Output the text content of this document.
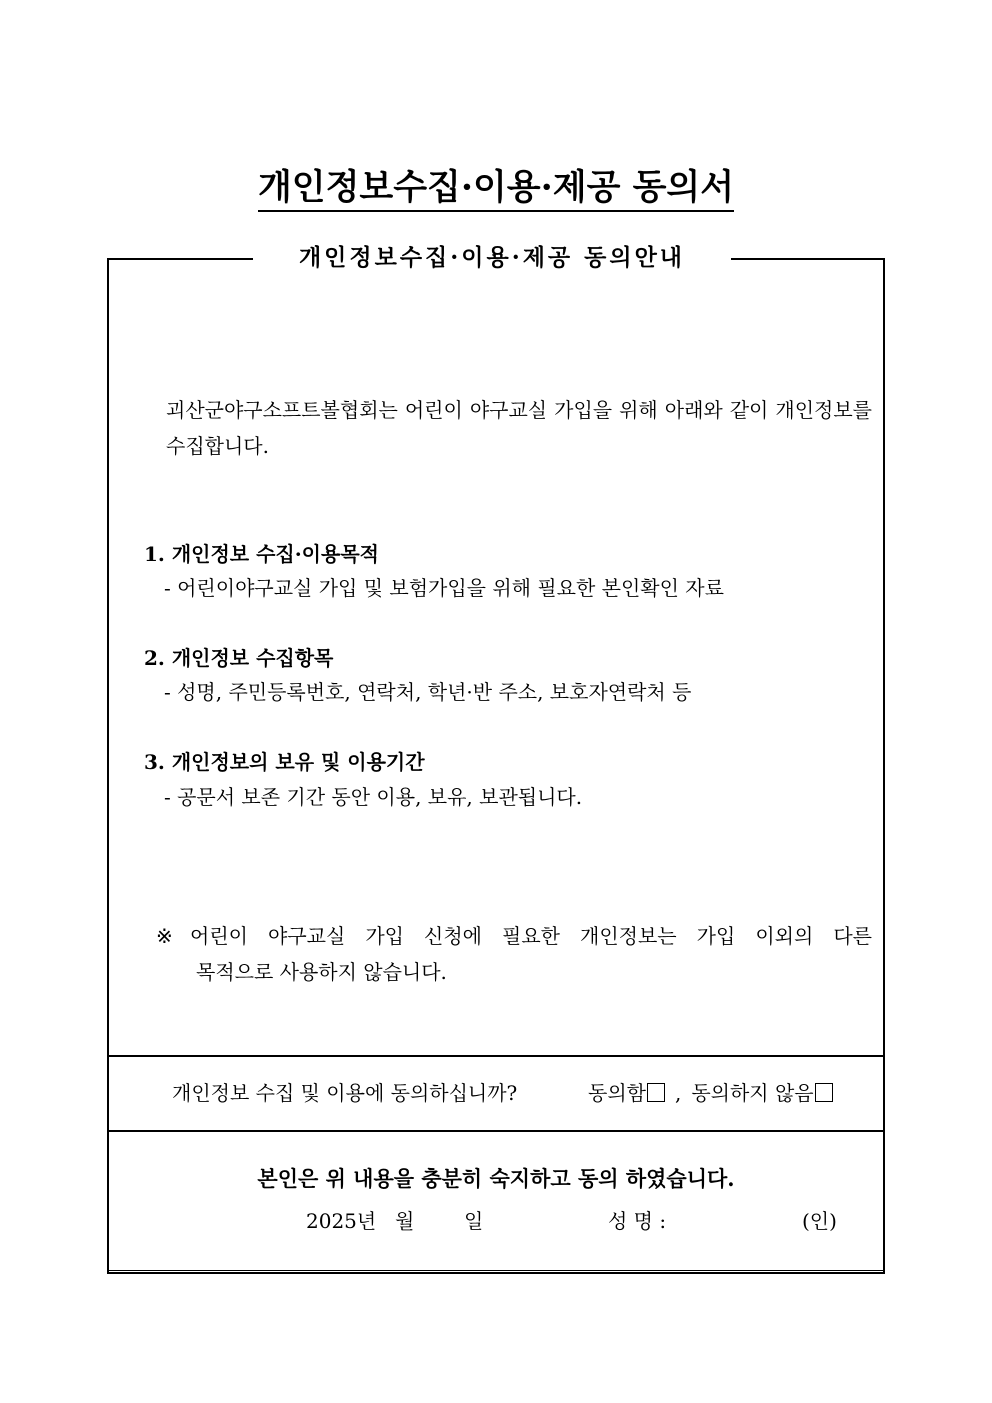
개인정보수집·이용·제공 동의서
개인정보수집·이용·제공 동의안내
괴산군야구소프트볼협회는 어린이 야구교실 가입을 위해 아래와 같이 개인정보를 수집합니다.
1. 개인정보 수집·이용목적
- 어린이야구교실 가입 및 보험가입을 위해 필요한 본인확인 자료
2. 개인정보 수집항목
- 성명, 주민등록번호, 연락처, 학년·반 주소, 보호자연락처 등
3. 개인정보의 보유 및 이용기간
- 공문서 보존 기간 동안 이용, 보유, 보관됩니다.
※ 어린이 야구교실 가입 신청에 필요한 개인정보는 가입 이외의 다른
목적으로 사용하지 않습니다.
개인정보 수집 및 이용에 동의하십니까?	동의함 , 동의하지 않음
본인은 위 내용을 충분히 숙지하고 동의 하였습니다.
2025년 월 일	성 명 :	(인)
